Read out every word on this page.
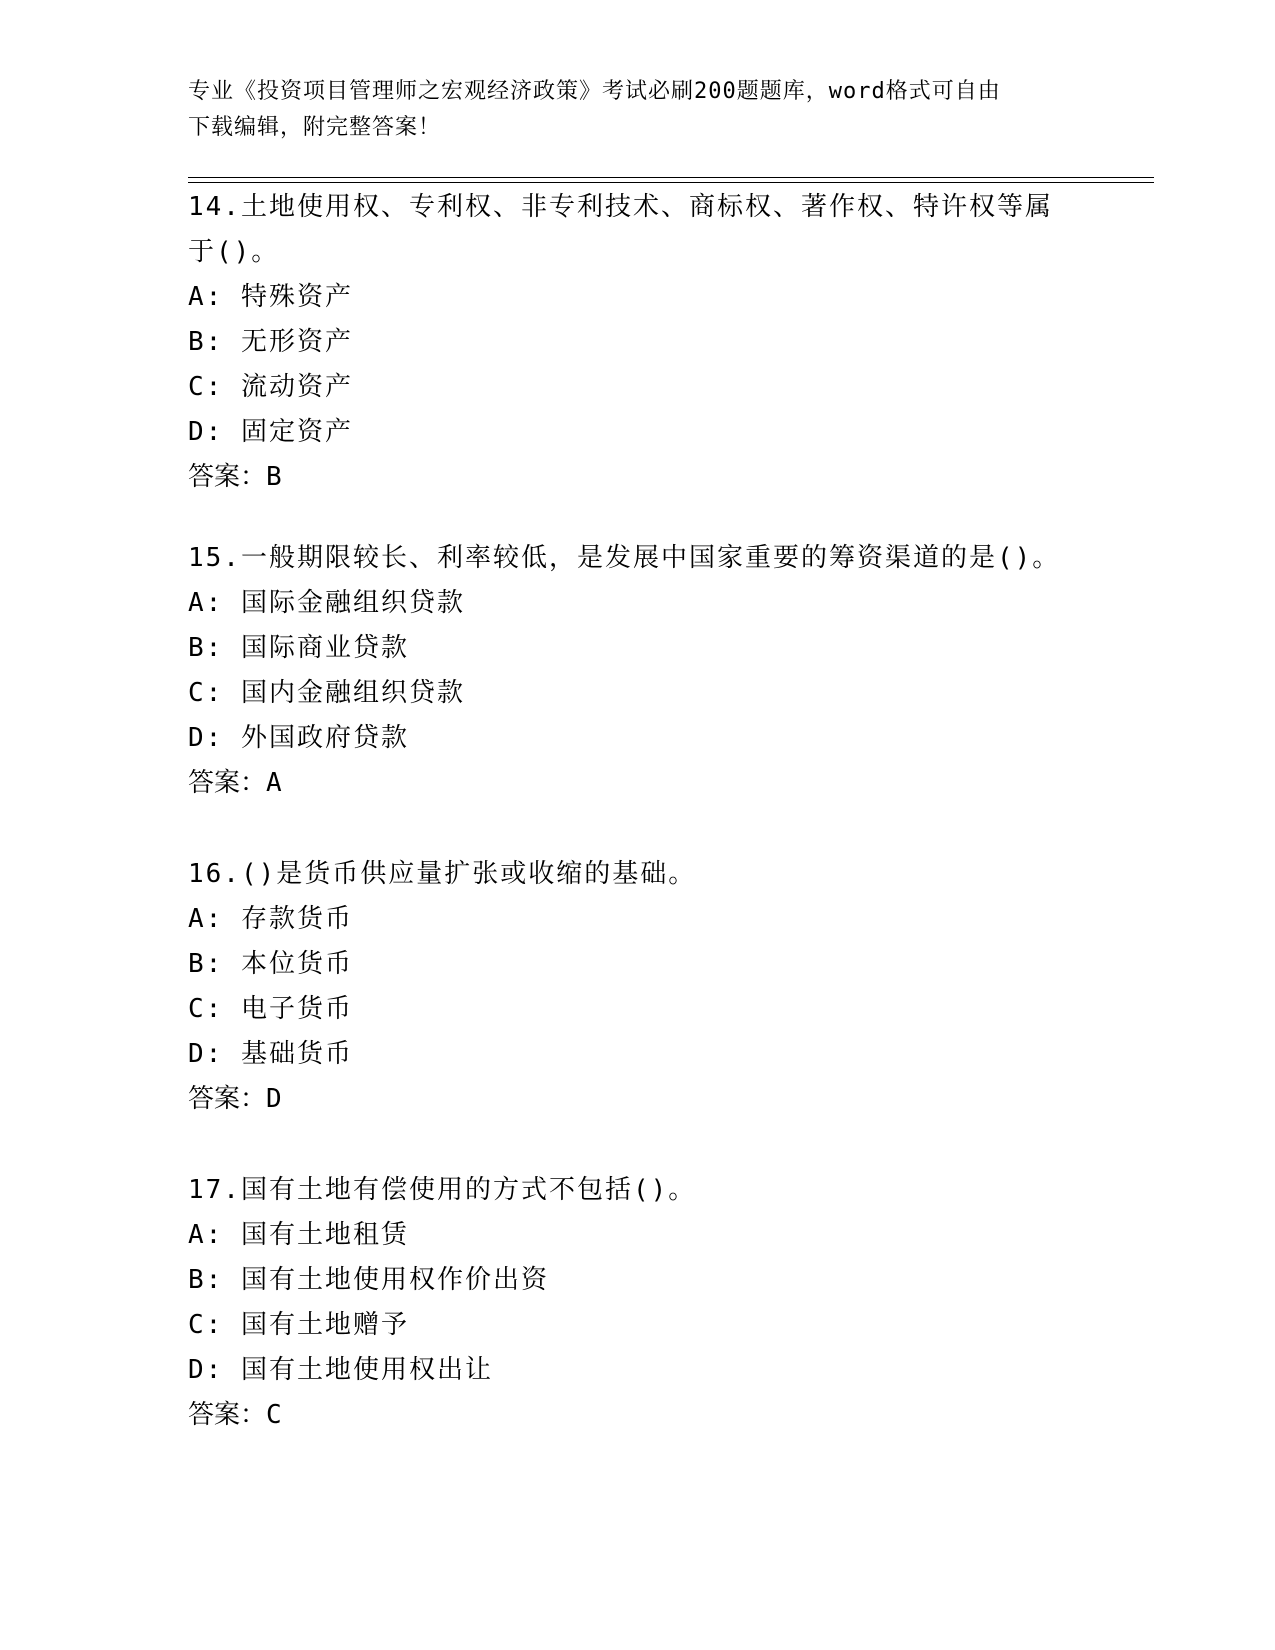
专业《投资项目管理师之宏观经济政策》考试必刷200题题库，word格式可自由
下载编辑，附完整答案！

14.土地使用权、专利权、非专利技术、商标权、著作权、特许权等属

于()。

A: 特殊资产

B: 无形资产

C: 流动资产

D: 固定资产

答案：B

15.一般期限较长、利率较低，是发展中国家重要的筹资渠道的是()。

A: 国际金融组织贷款

B: 国际商业贷款

C: 国内金融组织贷款

D: 外国政府贷款

答案：A

16.()是货币供应量扩张或收缩的基础。

A: 存款货币

B: 本位货币

C: 电子货币

D: 基础货币

答案：D

17.国有土地有偿使用的方式不包括()。

A: 国有土地租赁

B: 国有土地使用权作价出资

C: 国有土地赠予

D: 国有土地使用权出让

答案：C
